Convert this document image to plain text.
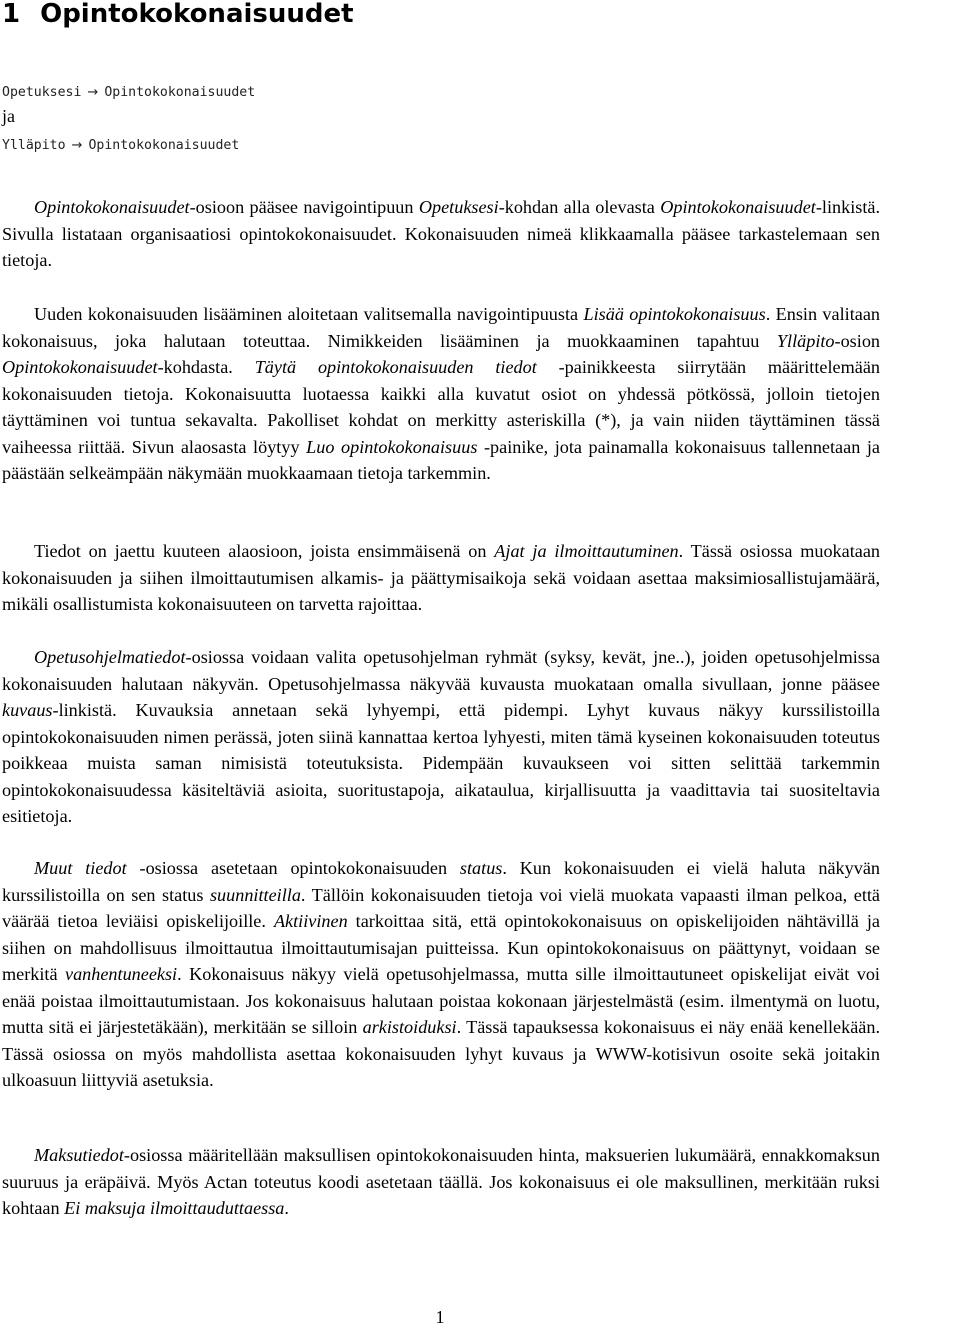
1 Opintokokonaisuudet
Opetuksesi → Opintokokonaisuudet
ja
Ylläpito → Opintokokonaisuudet

Opintokokonaisuudet-osioon pääsee navigointipuun Opetuksesi-kohdan alla olevasta Opintokokonaisuudet-linkistä. Sivulla listataan organisaatiosi opintokokonaisuudet. Kokonaisuuden nimeä klikkaamalla pääsee tarkastelemaan sen tietoja.

Uuden kokonaisuuden lisääminen aloitetaan valitsemalla navigointipuusta Lisää opintokokonaisuus. Ensin valitaan kokonaisuus, joka halutaan toteuttaa. Nimikkeiden lisääminen ja muokkaaminen tapahtuu Ylläpito-osion Opintokokonaisuudet-kohdasta. Täytä opintokokonaisuuden tiedot -painikkeesta siirrytään määrittelemään kokonaisuuden tietoja. Kokonaisuutta luotaessa kaikki alla kuvatut osiot on yhdessä pötkössä, jolloin tietojen täyttäminen voi tuntua sekavalta. Pakolliset kohdat on merkitty asteriskilla (*), ja vain niiden täyttäminen tässä vaiheessa riittää. Sivun alaosasta löytyy Luo opintokokonaisuus -painike, jota painamalla kokonaisuus tallennetaan ja päästään selkeämpään näkymään muokkaamaan tietoja tarkemmin.

Tiedot on jaettu kuuteen alaosioon, joista ensimmäisenä on Ajat ja ilmoittautuminen. Tässä osiossa muokataan kokonaisuuden ja siihen ilmoittautumisen alkamis- ja päättymisaikoja sekä voidaan asettaa maksimiosallistujamäärä, mikäli osallistumista kokonaisuuteen on tarvetta rajoittaa.

Opetusohjelmatiedot-osiossa voidaan valita opetusohjelman ryhmät (syksy, kevät, jne..), joiden opetusohjelmissa kokonaisuuden halutaan näkyvän. Opetusohjelmassa näkyvää kuvausta muokataan omalla sivullaan, jonne pääsee kuvaus-linkistä. Kuvauksia annetaan sekä lyhyempi, että pidempi. Lyhyt kuvaus näkyy kurssilistoilla opintokokonaisuuden nimen perässä, joten siinä kannattaa kertoa lyhyesti, miten tämä kyseinen kokonaisuuden toteutus poikkeaa muista saman nimisistä toteutuksista. Pidempään kuvaukseen voi sitten selittää tarkemmin opintokokonaisuudessa käsiteltäviä asioita, suoritustapoja, aikataulua, kirjallisuutta ja vaadittavia tai suositeltavia esitietoja.

Muut tiedot -osiossa asetetaan opintokokonaisuuden status. Kun kokonaisuuden ei vielä haluta näkyvän kurssilistoilla on sen status suunnitteilla. Tällöin kokonaisuuden tietoja voi vielä muokata vapaasti ilman pelkoa, että väärää tietoa leviäisi opiskelijoille. Aktiivinen tarkoittaa sitä, että opintokokonaisuus on opiskelijoiden nähtävillä ja siihen on mahdollisuus ilmoittautua ilmoittautumisajan puitteissa. Kun opintokokonaisuus on päättynyt, voidaan se merkitä vanhentuneeksi. Kokonaisuus näkyy vielä opetusohjelmassa, mutta sille ilmoittautuneet opiskelijat eivät voi enää poistaa ilmoittautumistaan. Jos kokonaisuus halutaan poistaa kokonaan järjestelmästä (esim. ilmentymä on luotu, mutta sitä ei järjestetäkään), merkitään se silloin arkistoiduksi. Tässä tapauksessa kokonaisuus ei näy enää kenellekään. Tässä osiossa on myös mahdollista asettaa kokonaisuuden lyhyt kuvaus ja WWW-kotisivun osoite sekä joitakin ulkoasuun liittyviä asetuksia.

Maksutiedot-osiossa määritellään maksullisen opintokokonaisuuden hinta, maksuerien lukumäärä, ennakkomaksun suuruus ja eräpäivä. Myös Actan toteutus koodi asetetaan täällä. Jos kokonaisuus ei ole maksullinen, merkitään ruksi kohtaan Ei maksuja ilmoittauduttaessa.

1
